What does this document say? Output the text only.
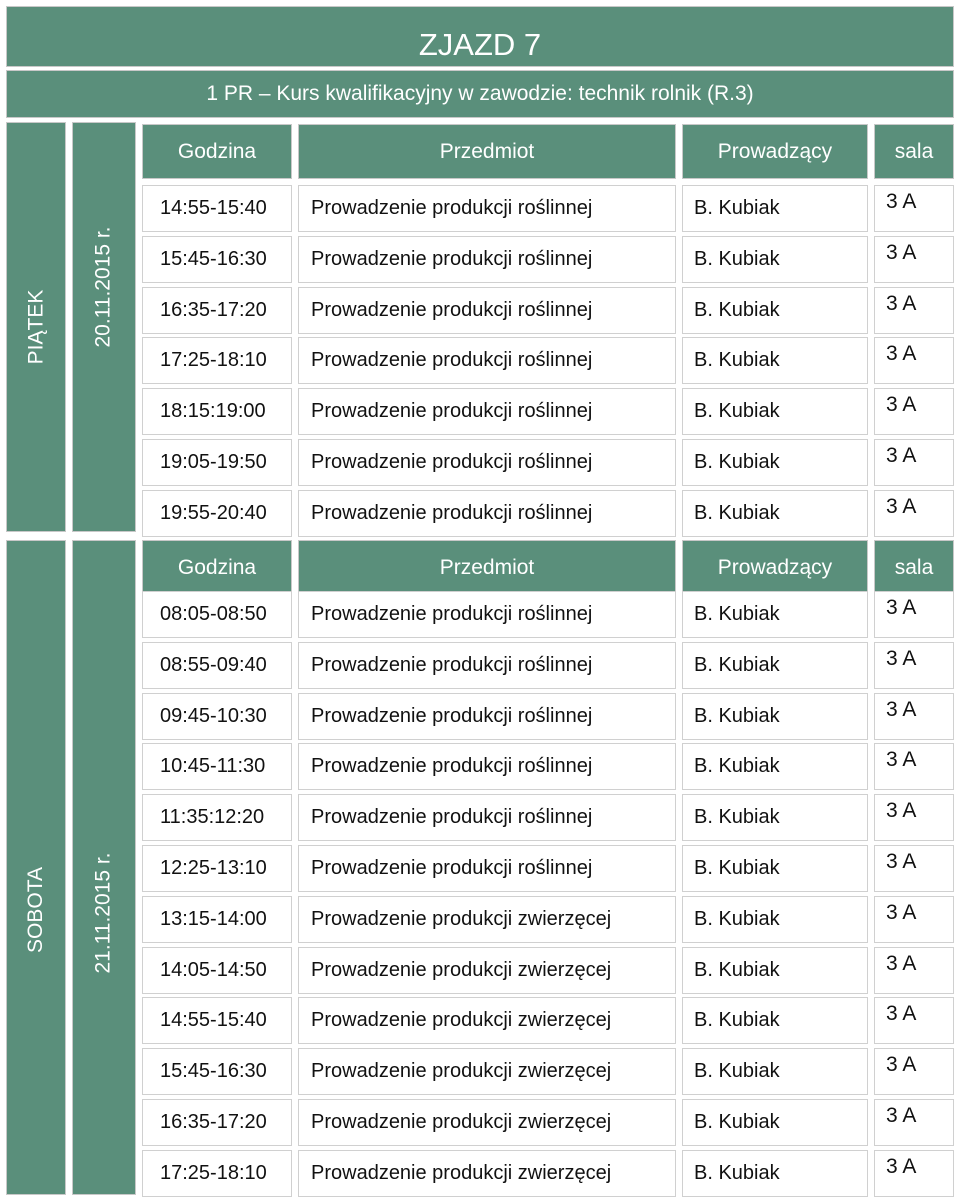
ZJAZD 7
1 PR – Kurs kwalifikacyjny w zawodzie: technik rolnik (R.3)
PIĄTEK 20.11.2015 r.
SOBOTA 21.11.2015 r.
Godzina	Przedmiot	Prowadzący	sala
14:55-15:40	Prowadzenie produkcji roślinnej	B. Kubiak	3 A
15:45-16:30	Prowadzenie produkcji roślinnej	B. Kubiak	3 A
16:35-17:20	Prowadzenie produkcji roślinnej	B. Kubiak	3 A
17:25-18:10	Prowadzenie produkcji roślinnej	B. Kubiak	3 A
18:15:19:00	Prowadzenie produkcji roślinnej	B. Kubiak	3 A
19:05-19:50	Prowadzenie produkcji roślinnej	B. Kubiak	3 A
19:55-20:40	Prowadzenie produkcji roślinnej	B. Kubiak	3 A
Godzina	Przedmiot	Prowadzący	sala
08:05-08:50	Prowadzenie produkcji roślinnej	B. Kubiak	3 A
08:55-09:40	Prowadzenie produkcji roślinnej	B. Kubiak	3 A
09:45-10:30	Prowadzenie produkcji roślinnej	B. Kubiak	3 A
10:45-11:30	Prowadzenie produkcji roślinnej	B. Kubiak	3 A
11:35:12:20	Prowadzenie produkcji roślinnej	B. Kubiak	3 A
12:25-13:10	Prowadzenie produkcji roślinnej	B. Kubiak	3 A
13:15-14:00	Prowadzenie produkcji zwierzęcej	B. Kubiak	3 A
14:05-14:50	Prowadzenie produkcji zwierzęcej	B. Kubiak	3 A
14:55-15:40	Prowadzenie produkcji zwierzęcej	B. Kubiak	3 A
15:45-16:30	Prowadzenie produkcji zwierzęcej	B. Kubiak	3 A
16:35-17:20	Prowadzenie produkcji zwierzęcej	B. Kubiak	3 A
17:25-18:10	Prowadzenie produkcji zwierzęcej	B. Kubiak	3 A
